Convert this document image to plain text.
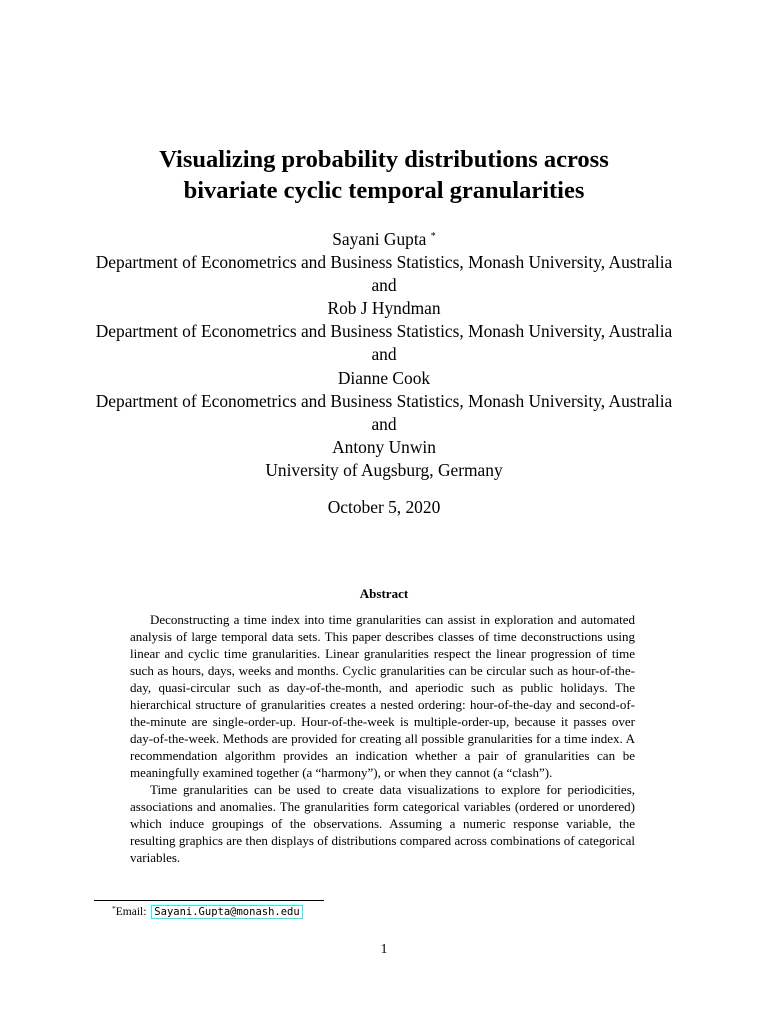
Visualizing probability distributions across
bivariate cyclic temporal granularities
Sayani Gupta *
Department of Econometrics and Business Statistics, Monash University, Australia
and
Rob J Hyndman
Department of Econometrics and Business Statistics, Monash University, Australia
and
Dianne Cook
Department of Econometrics and Business Statistics, Monash University, Australia
and
Antony Unwin
University of Augsburg, Germany
October 5, 2020
Abstract

Deconstructing a time index into time granularities can assist in exploration and automated analysis of large temporal data sets. This paper describes classes of time deconstructions using linear and cyclic time granularities. Linear granularities respect the linear progression of time such as hours, days, weeks and months. Cyclic granularities can be circular such as hour-of-the-day, quasi-circular such as day-of-the-month, and aperiodic such as public holidays. The hierarchical structure of granularities creates a nested ordering: hour-of-the-day and second-of-the-minute are single-order-up. Hour-of-the-week is multiple-order-up, because it passes over day-of-the-week. Methods are provided for creating all possible granularities for a time index. A recommendation algorithm provides an indication whether a pair of granularities can be meaningfully examined together (a “harmony”), or when they cannot (a “clash”).

Time granularities can be used to create data visualizations to explore for periodicities, associations and anomalies. The granularities form categorical variables (ordered or unordered) which induce groupings of the observations. Assuming a numeric response variable, the resulting graphics are then displays of distributions compared across combinations of categorical variables.

*Email: Sayani.Gupta@monash.edu
1
